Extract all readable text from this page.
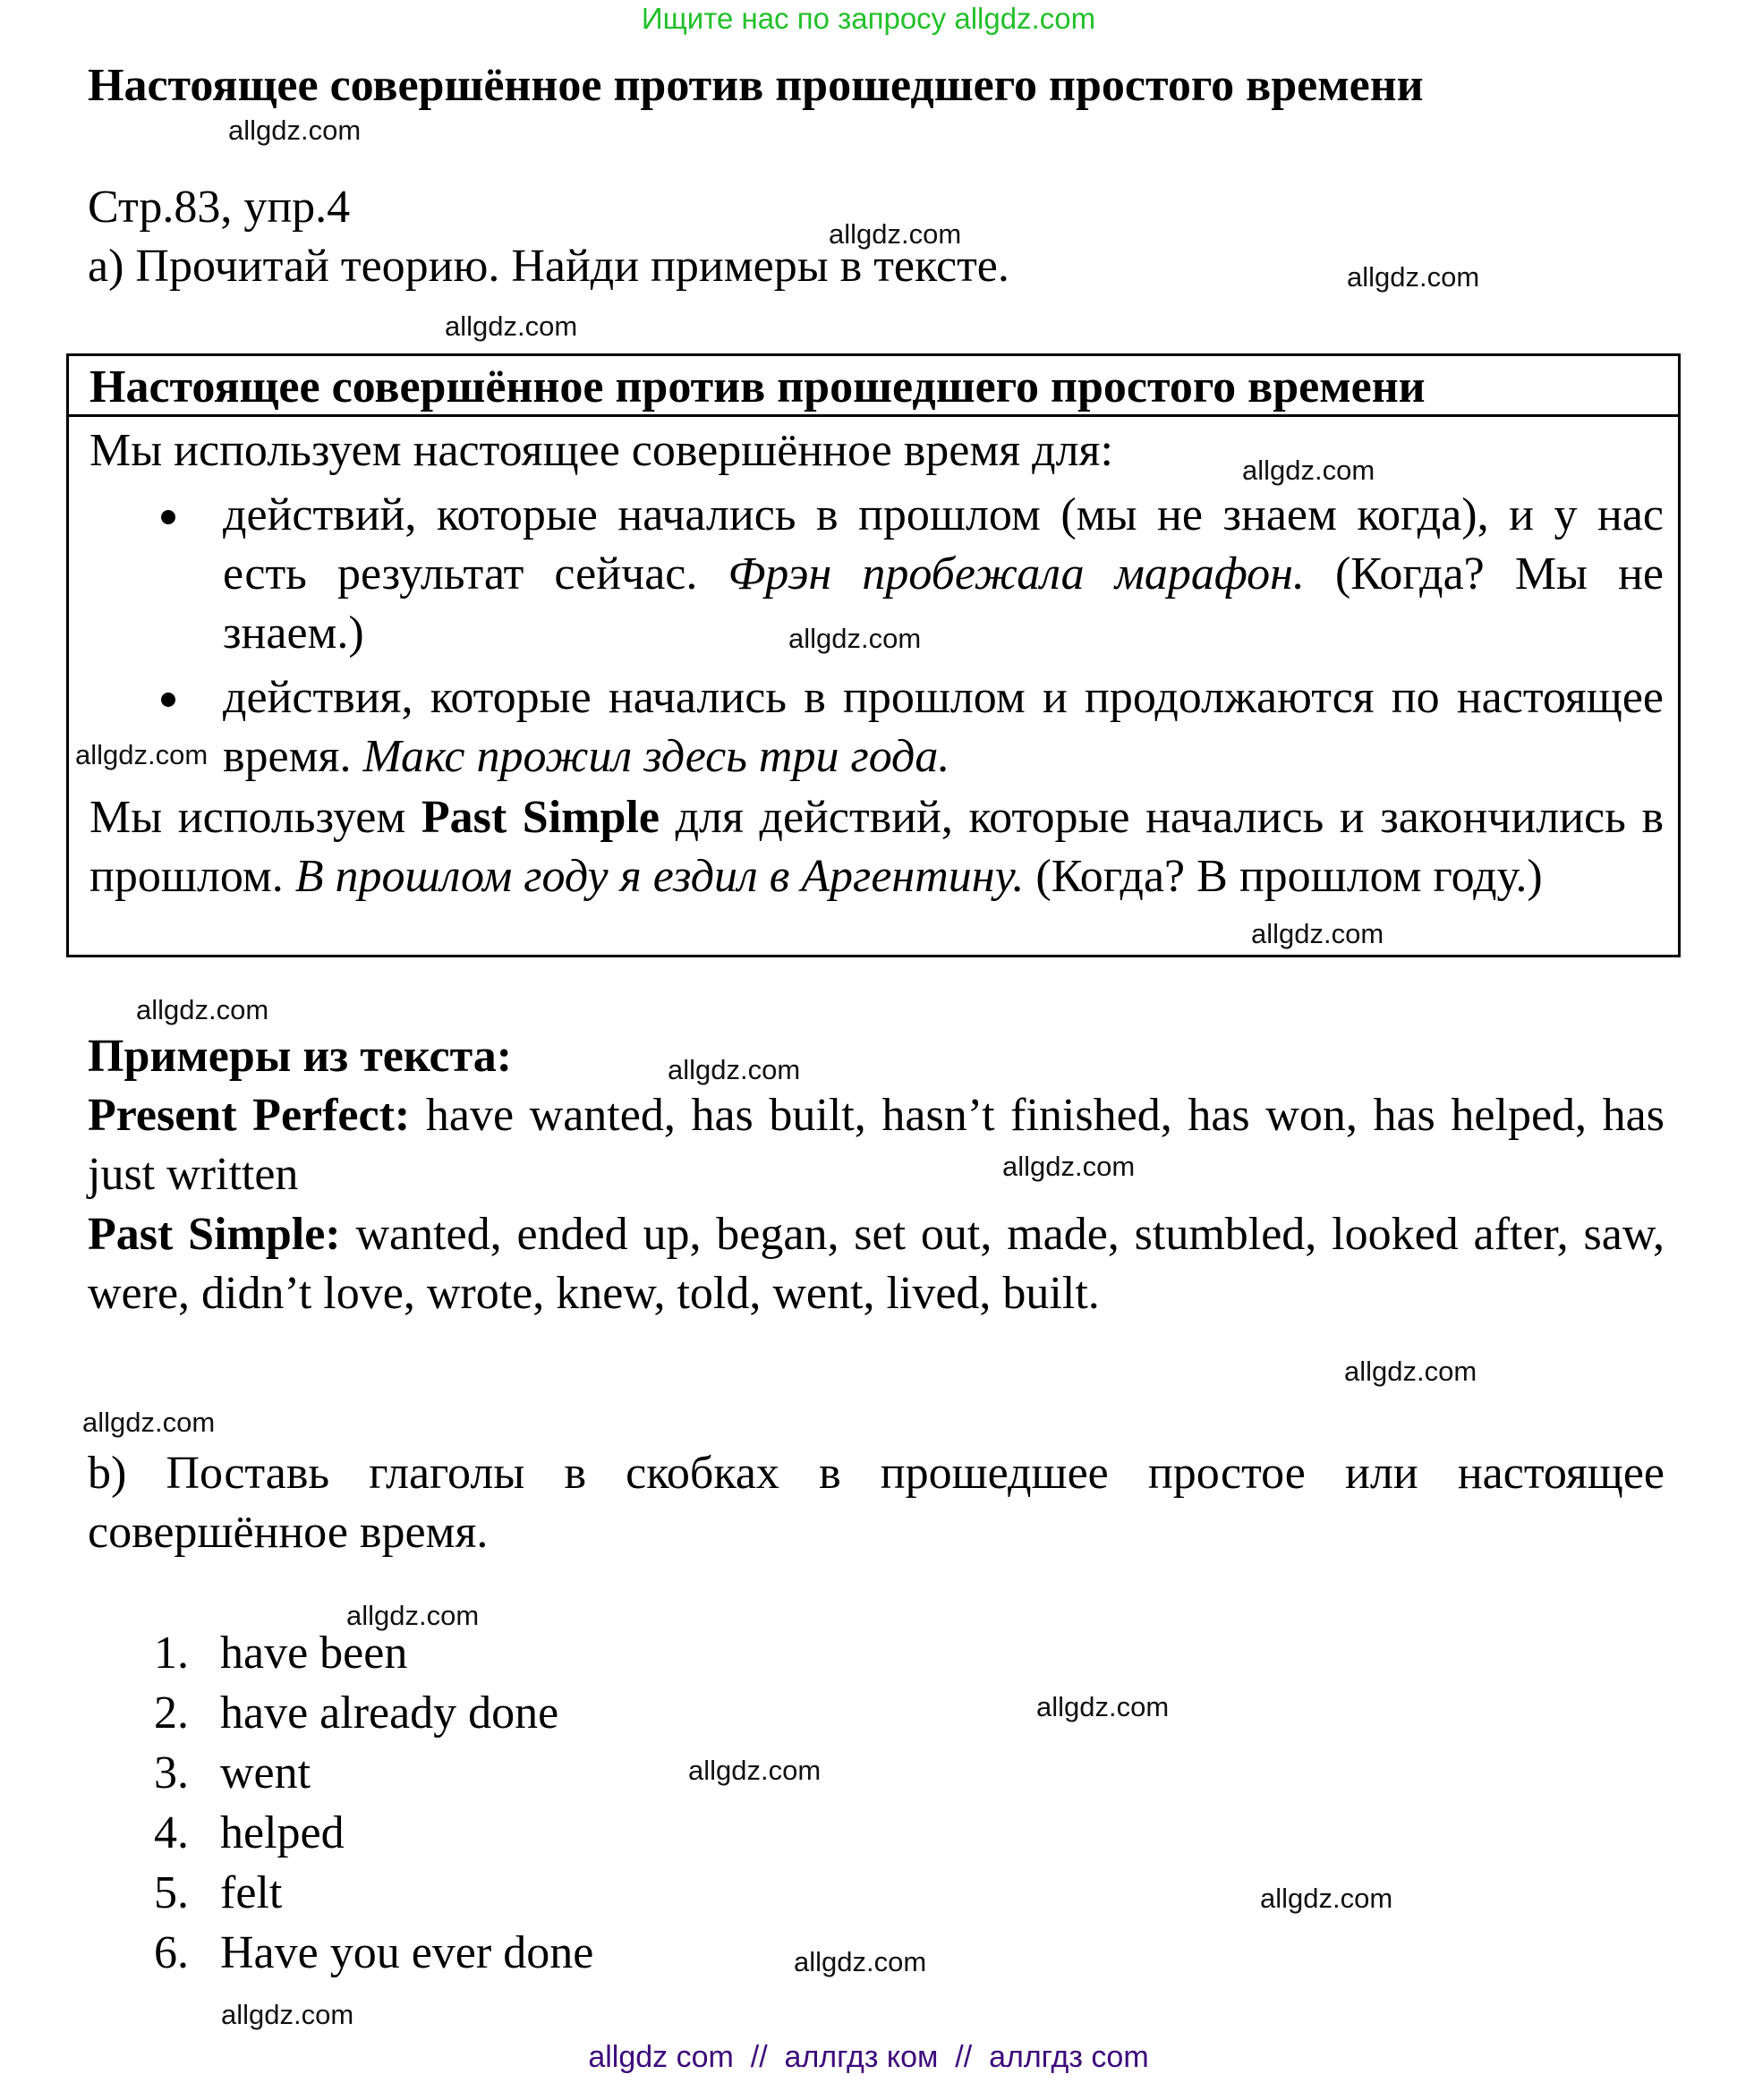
Ищите нас по запросу allgdz.com
Настоящее совершённое против прошедшего простого времени
allgdz.com
Стр.83, упр.4
allgdz.com
a) Прочитай теорию. Найди примеры в тексте.	allgdz.com
allgdz.com
Настоящее совершённое против прошедшего простого времени
Мы используем настоящее совершённое время для:	allgdz.com
действий, которые начались в прошлом (мы не знаем когда), и у нас есть результат сейчас. Фрэн пробежала марафон. (Когда? Мы не знаем.)	allgdz.com
действия, которые начались в прошлом и продолжаются по настоящее время. Макс прожил здесь три года.
allgdz.com
Мы используем Past Simple для действий, которые начались и закончились в прошлом. В прошлом году я ездил в Аргентину. (Когда? В прошлом году.)
allgdz.com
allgdz.com
Примеры из текста:	allgdz.com
Present Perfect: have wanted, has built, hasn’t finished, has won, has helped, has just written	allgdz.com
Past Simple: wanted, ended up, began, set out, made, stumbled, looked after, saw, were, didn’t love, wrote, knew, told, went, lived, built.
allgdz.com
allgdz.com
b) Поставь глаголы в скобках в прошедшее простое или настоящее совершённое время.
allgdz.com
1. have been
2. have already done	allgdz.com
3. went	allgdz.com
4. helped
5. felt	allgdz.com
6. Have you ever done	allgdz.com
allgdz.com
allgdz com  //  аллгдз ком  //  аллгдз com
